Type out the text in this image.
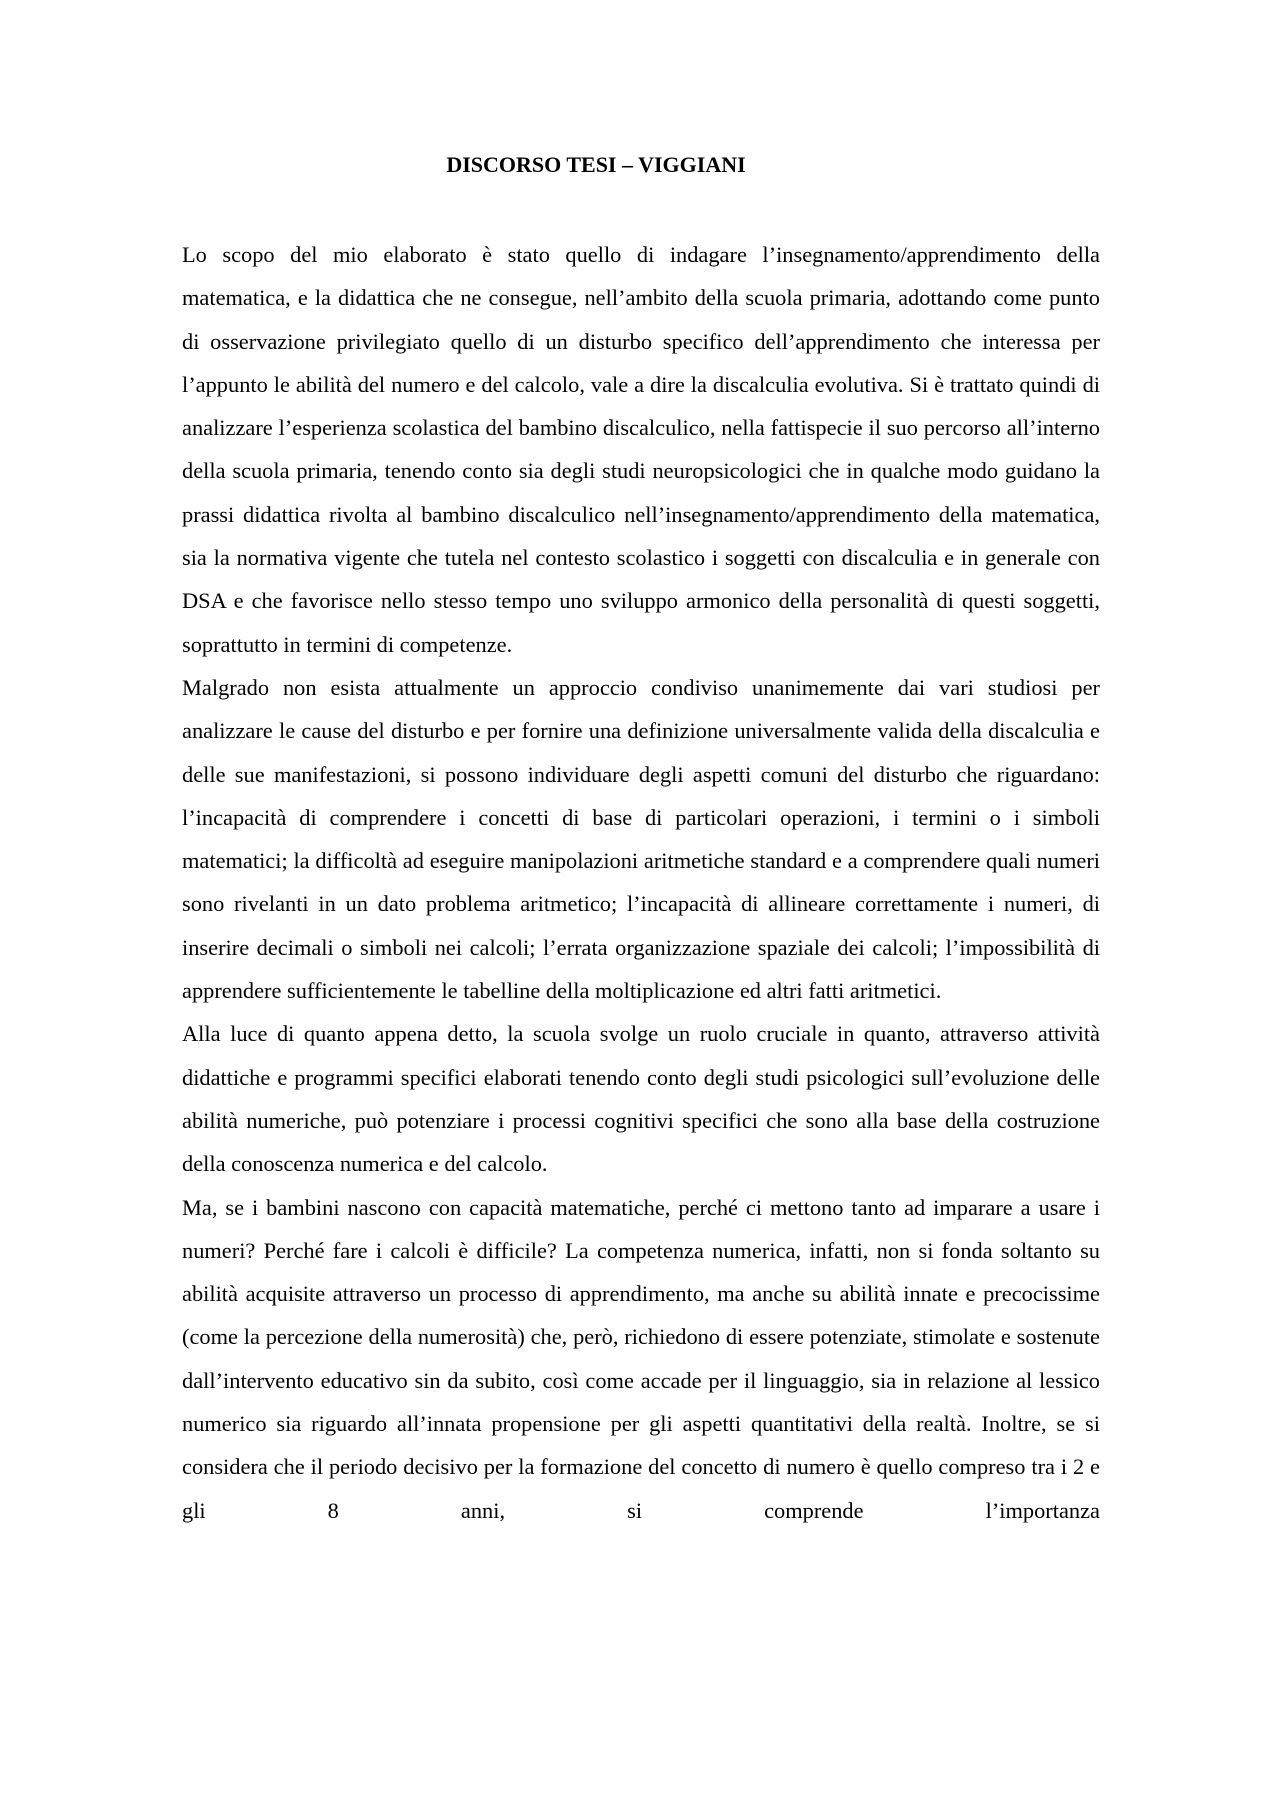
DISCORSO TESI – VIGGIANI

Lo scopo del mio elaborato è stato quello di indagare l’insegnamento/apprendimento della matematica, e la didattica che ne consegue, nell’ambito della scuola primaria, adottando come punto di osservazione privilegiato quello di un disturbo specifico dell’apprendimento che interessa per l’appunto le abilità del numero e del calcolo, vale a dire la discalculia evolutiva. Si è trattato quindi di analizzare l’esperienza scolastica del bambino discalculico, nella fattispecie il suo percorso all’interno della scuola primaria, tenendo conto sia degli studi neuropsicologici che in qualche modo guidano la prassi didattica rivolta al bambino discalculico nell’insegnamento/apprendimento della matematica, sia la normativa vigente che tutela nel contesto scolastico i soggetti con discalculia e in generale con DSA e che favorisce nello stesso tempo uno sviluppo armonico della personalità di questi soggetti, soprattutto in termini di competenze.

Malgrado non esista attualmente un approccio condiviso unanimemente dai vari studiosi per analizzare le cause del disturbo e per fornire una definizione universalmente valida della discalculia e delle sue manifestazioni, si possono individuare degli aspetti comuni del disturbo che riguardano: l’incapacità di comprendere i concetti di base di particolari operazioni, i termini o i simboli matematici; la difficoltà ad eseguire manipolazioni aritmetiche standard e a comprendere quali numeri sono rivelanti in un dato problema aritmetico; l’incapacità di allineare correttamente i numeri, di inserire decimali o simboli nei calcoli; l’errata organizzazione spaziale dei calcoli; l’impossibilità di apprendere sufficientemente le tabelline della moltiplicazione ed altri fatti aritmetici.

Alla luce di quanto appena detto, la scuola svolge un ruolo cruciale in quanto, attraverso attività didattiche e programmi specifici elaborati tenendo conto degli studi psicologici sull’evoluzione delle abilità numeriche, può potenziare i processi cognitivi specifici che sono alla base della costruzione della conoscenza numerica e del calcolo.

Ma, se i bambini nascono con capacità matematiche, perché ci mettono tanto ad imparare a usare i numeri? Perché fare i calcoli è difficile? La competenza numerica, infatti, non si fonda soltanto su abilità acquisite attraverso un processo di apprendimento, ma anche su abilità innate e precocissime (come la percezione della numerosità) che, però, richiedono di essere potenziate, stimolate e sostenute dall’intervento educativo sin da subito, così come accade per il linguaggio, sia in relazione al lessico numerico sia riguardo all’innata propensione per gli aspetti quantitativi della realtà. Inoltre, se si considera che il periodo decisivo per la formazione del concetto di numero è quello compreso tra i 2 e gli 8 anni, si comprende l’importanza
